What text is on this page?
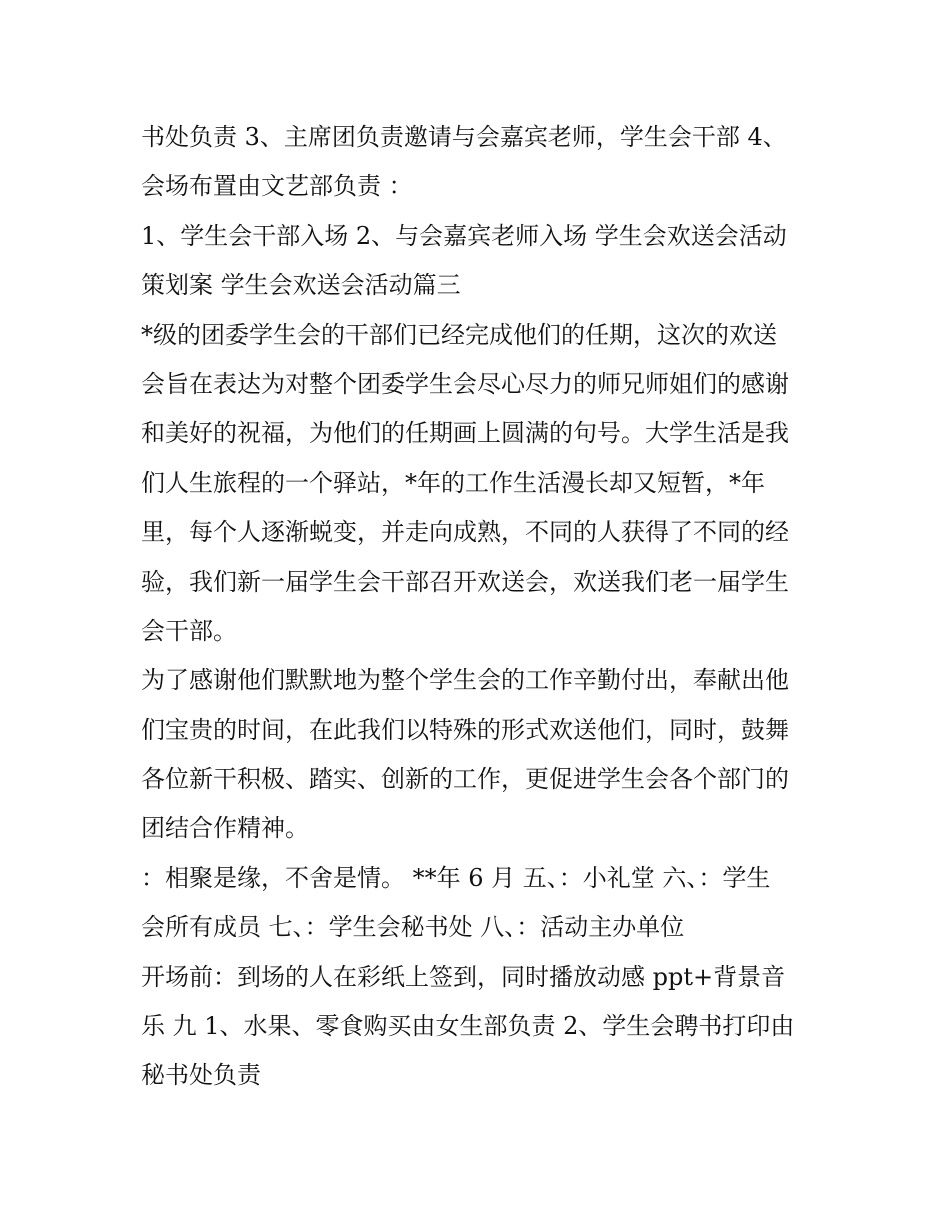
书处负责 3、主席团负责邀请与会嘉宾老师，学生会干部 4、
会场布置由文艺部负责 ：
1、学生会干部入场 2、与会嘉宾老师入场 学生会欢送会活动
策划案 学生会欢送会活动篇三
*级的团委学生会的干部们已经完成他们的任期，这次的欢送
会旨在表达为对整个团委学生会尽心尽力的师兄师姐们的感谢
和美好的祝福，为他们的任期画上圆满的句号。大学生活是我
们人生旅程的一个驿站，*年的工作生活漫长却又短暂，*年
里，每个人逐渐蜕变，并走向成熟，不同的人获得了不同的经
验，我们新一届学生会干部召开欢送会，欢送我们老一届学生
会干部。
为了感谢他们默默地为整个学生会的工作辛勤付出，奉献出他
们宝贵的时间，在此我们以特殊的形式欢送他们，同时，鼓舞
各位新干积极、踏实、创新的工作，更促进学生会各个部门的
团结合作精神。
：相聚是缘，不舍是情。 **年 6 月 五、：小礼堂 六、：学生
会所有成员 七、：学生会秘书处 八、：活动主办单位
开场前：到场的人在彩纸上签到，同时播放动感 ppt+背景音
乐 九 1、水果、零食购买由女生部负责 2、学生会聘书打印由
秘书处负责
